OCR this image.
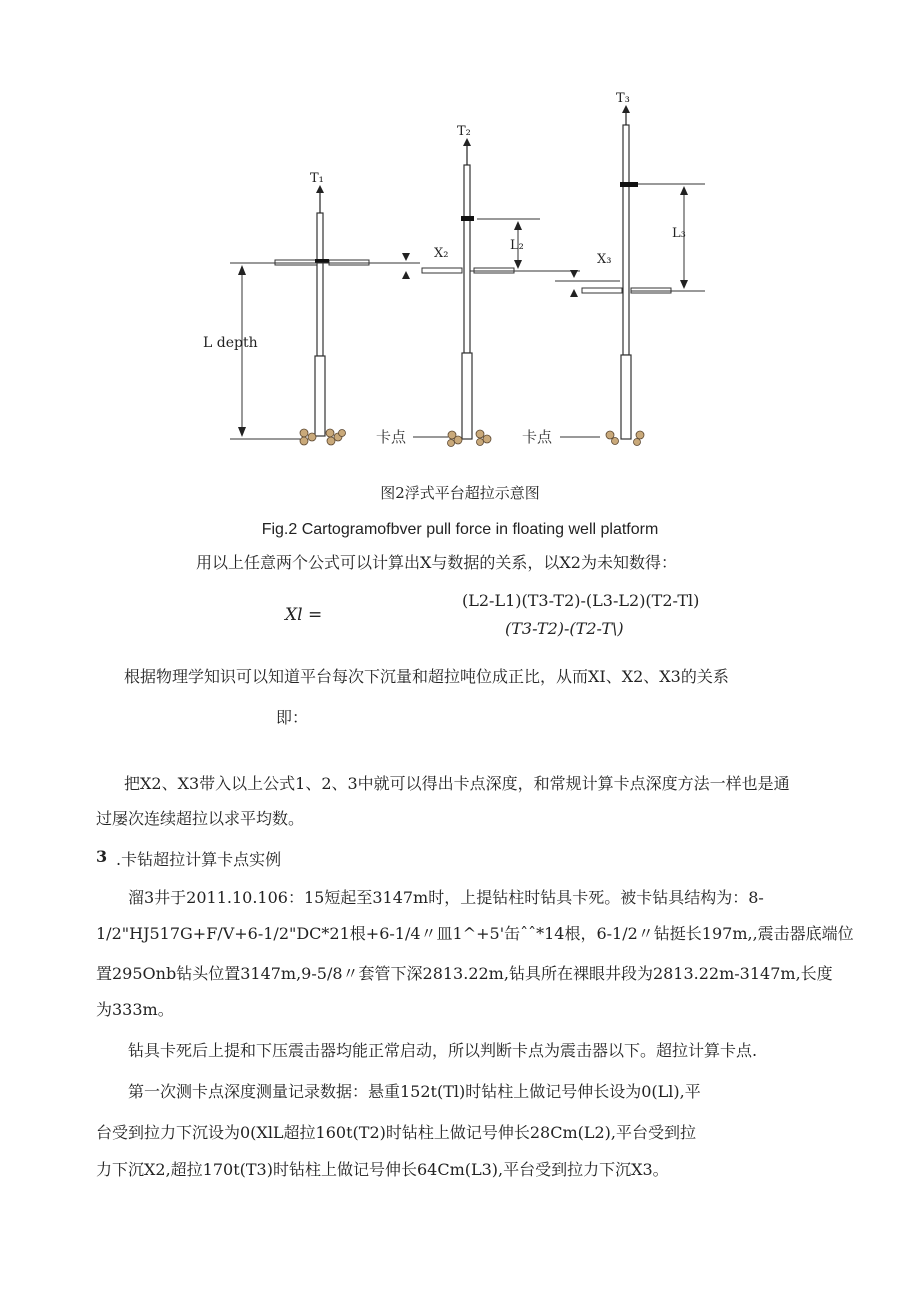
T₁
L depth
卡点
T₂
L₂
X₂
卡点
T₃
L₃
X₃
图2浮式平台超拉示意图
Fig.2 Cartogramofbver pull force in floating well platform
用以上任意两个公式可以计算出X与数据的关系，以X2为未知数得：
Xl =
(L2-L1)(T3-T2)-(L3-L2)(T2-Tl)
(T3-T2)-(T2-T\)
根据物理学知识可以知道平台每次下沉量和超拉吨位成正比，从而XI、X2、X3的关系
即：
把X2、X3带入以上公式1、2、3中就可以得出卡点深度，和常规计算卡点深度方法一样也是通
过屡次连续超拉以求平均数。
3 .卡钻超拉计算卡点实例
溜3井于2011.10.106：15短起至3147m时，上提钻柱时钻具卡死。被卡钻具结构为：8-
1/2"HJ517G+F/V+6-1/2"DC*21根+6-1/4〃皿1^+5'缶ˆˆ*14根，6-1/2〃钻挺长197m,,震击器底端位
置295Onb钻头位置3147m,9-5/8〃套管下深2813.22m,钻具所在裸眼井段为2813.22m-3147m,长度
为333m。
钻具卡死后上提和下压震击器均能正常启动，所以判断卡点为震击器以下。超拉计算卡点.
第一次测卡点深度测量记录数据：悬重152t(Tl)时钻柱上做记号伸长设为0(Ll),平
台受到拉力下沉设为0(XlL超拉160t(T2)时钻柱上做记号伸长28Cm(L2),平台受到拉
力下沉X2,超拉170t(T3)时钻柱上做记号伸长64Cm(L3),平台受到拉力下沉X3。
